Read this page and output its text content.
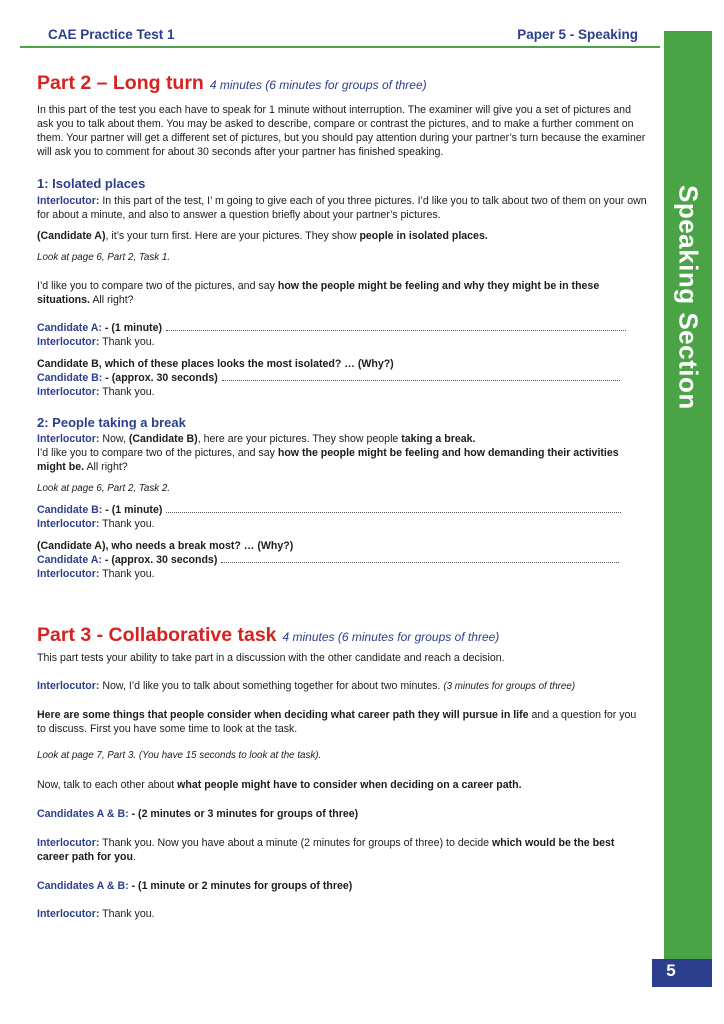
CAE Practice Test 1	Paper 5 - Speaking
Speaking Section
5
Part 2 – Long turn 4 minutes (6 minutes for groups of three)
In this part of the test you each have to speak for 1 minute without interruption. The examiner will give you a set of pictures and ask you to talk about them. You may be asked to describe, compare or contrast the pictures, and to make a further comment on them. Your partner will get a different set of pictures, but you should pay attention during your partner’s turn because the examiner will ask you to comment for about 30 seconds after your partner has finished speaking.
1: Isolated places
Interlocutor: In this part of the test, I’ m going to give each of you three pictures. I’d like you to talk about two of them on your own for about a minute, and also to answer a question briefly about your partner’s pictures.
(Candidate A), it’s your turn first. Here are your pictures. They show people in isolated places.
Look at page 6, Part 2, Task 1.
I’d like you to compare two of the pictures, and say how the people might be feeling and why they might be in these situations. All right?
Candidate A: - (1 minute)
Interlocutor: Thank you.
Candidate B, which of these places looks the most isolated? … (Why?)
Candidate B: - (approx. 30 seconds)
Interlocutor: Thank you.
2: People taking a break
Interlocutor: Now, (Candidate B), here are your pictures. They show people taking a break.
I’d like you to compare two of the pictures, and say how the people might be feeling and how demanding their activities might be. All right?
Look at page 6, Part 2, Task 2.
Candidate B: - (1 minute)
Interlocutor: Thank you.
(Candidate A), who needs a break most? … (Why?)
Candidate A: - (approx. 30 seconds)
Interlocutor: Thank you.
Part 3 - Collaborative task 4 minutes (6 minutes for groups of three)
This part tests your ability to take part in a discussion with the other candidate and reach a decision.
Interlocutor: Now, I’d like you to talk about something together for about two minutes. (3 minutes for groups of three)
Here are some things that people consider when deciding what career path they will pursue in life and a question for you to discuss. First you have some time to look at the task.
Look at page 7, Part 3. (You have 15 seconds to look at the task).
Now, talk to each other about what people might have to consider when deciding on a career path.
Candidates A & B: - (2 minutes or 3 minutes for groups of three)
Interlocutor: Thank you. Now you have about a minute (2 minutes for groups of three) to decide which would be the best career path for you.
Candidates A & B: - (1 minute or 2 minutes for groups of three)
Interlocutor: Thank you.
